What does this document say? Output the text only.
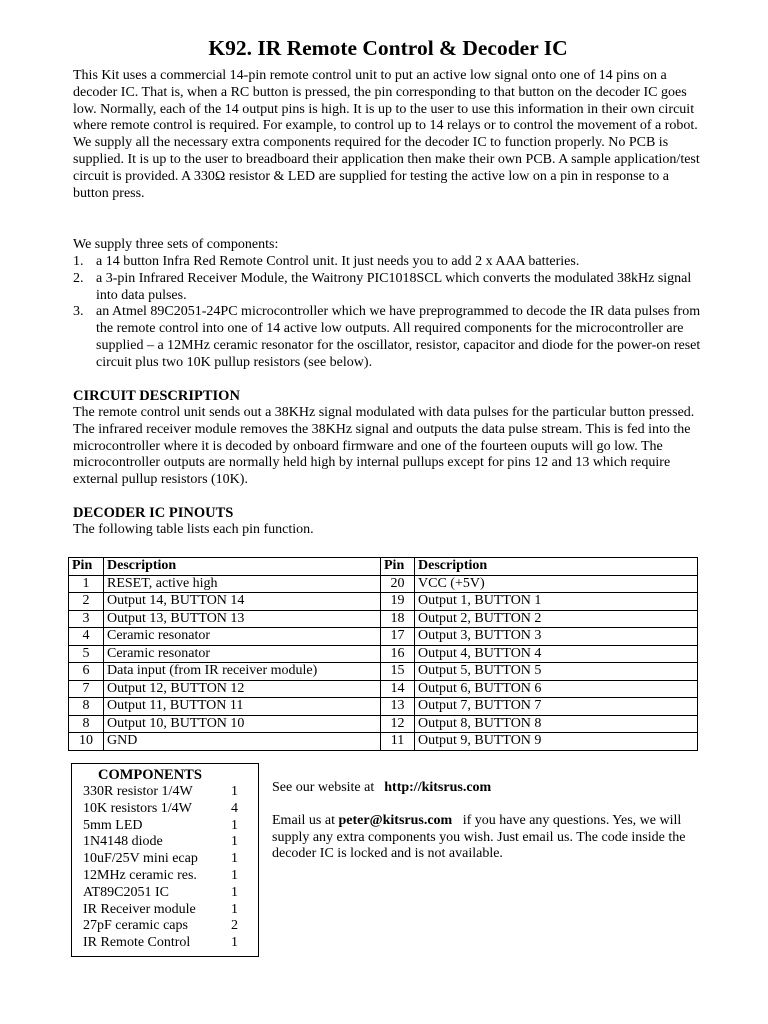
K92. IR Remote Control & Decoder IC

This Kit uses a commercial 14-pin remote control unit to put an active low signal onto one of 14 pins on a decoder IC. That is, when a RC button is pressed, the pin corresponding to that button on the decoder IC goes low. Normally, each of the 14 output pins is high. It is up to the user to use this information in their own circuit where remote control is required. For example, to control up to 14 relays or to control the movement of a robot. We supply all the necessary extra components required for the decoder IC to function properly. No PCB is supplied. It is up to the user to breadboard their application then make their own PCB. A sample application/test circuit is provided. A 330Ω resistor & LED are supplied for testing the active low on a pin in response to a button press.

We supply three sets of components:

1. a 14 button Infra Red Remote Control unit. It just needs you to add 2 x AAA batteries.
2. a 3-pin Infrared Receiver Module, the Waitrony PIC1018SCL which converts the modulated 38kHz signal into data pulses.
3. an Atmel 89C2051-24PC microcontroller which we have preprogrammed to decode the IR data pulses from the remote control into one of 14 active low outputs. All required components for the microcontroller are supplied – a 12MHz ceramic resonator for the oscillator, resistor, capacitor and diode for the power-on reset circuit plus two 10K pullup resistors (see below).
CIRCUIT DESCRIPTION

The remote control unit sends out a 38KHz signal modulated with data pulses for the particular button pressed. The infrared receiver module removes the 38KHz signal and outputs the data pulse stream. This is fed into the microcontroller where it is decoded by onboard firmware and one of the fourteen ouputs will go low. The microcontroller outputs are normally held high by internal pullups except for pins 12 and 13 which require external pullup resistors (10K).

DECODER IC PINOUTS

The following table lists each pin function.

Pin	Description	Pin	Description
1	RESET, active high	20	VCC (+5V)
2	Output 14, BUTTON 14	19	Output 1, BUTTON 1
3	Output 13, BUTTON 13	18	Output 2, BUTTON 2
4	Ceramic resonator	17	Output 3, BUTTON 3
5	Ceramic resonator	16	Output 4, BUTTON 4
6	Data input (from IR receiver module)	15	Output 5, BUTTON 5
7	Output 12, BUTTON 12	14	Output 6, BUTTON 6
8	Output 11, BUTTON 11	13	Output 7, BUTTON 7
8	Output 10, BUTTON 10	12	Output 8, BUTTON 8
10	GND	11	Output 9, BUTTON 9
COMPONENTS
330R resistor 1/4W	1
10K resistors 1/4W	4
5mm LED	1
1N4148 diode	1
10uF/25V mini ecap	1
12MHz ceramic res.	1
AT89C2051 IC	1
IR Receiver module	1
27pF ceramic caps	2
IR Remote Control	1

See our website at http://kitsrus.com

Email us at peter@kitsrus.com if you have any questions. Yes, we will supply any extra components you wish. Just email us. The code inside the decoder IC is locked and is not available.
